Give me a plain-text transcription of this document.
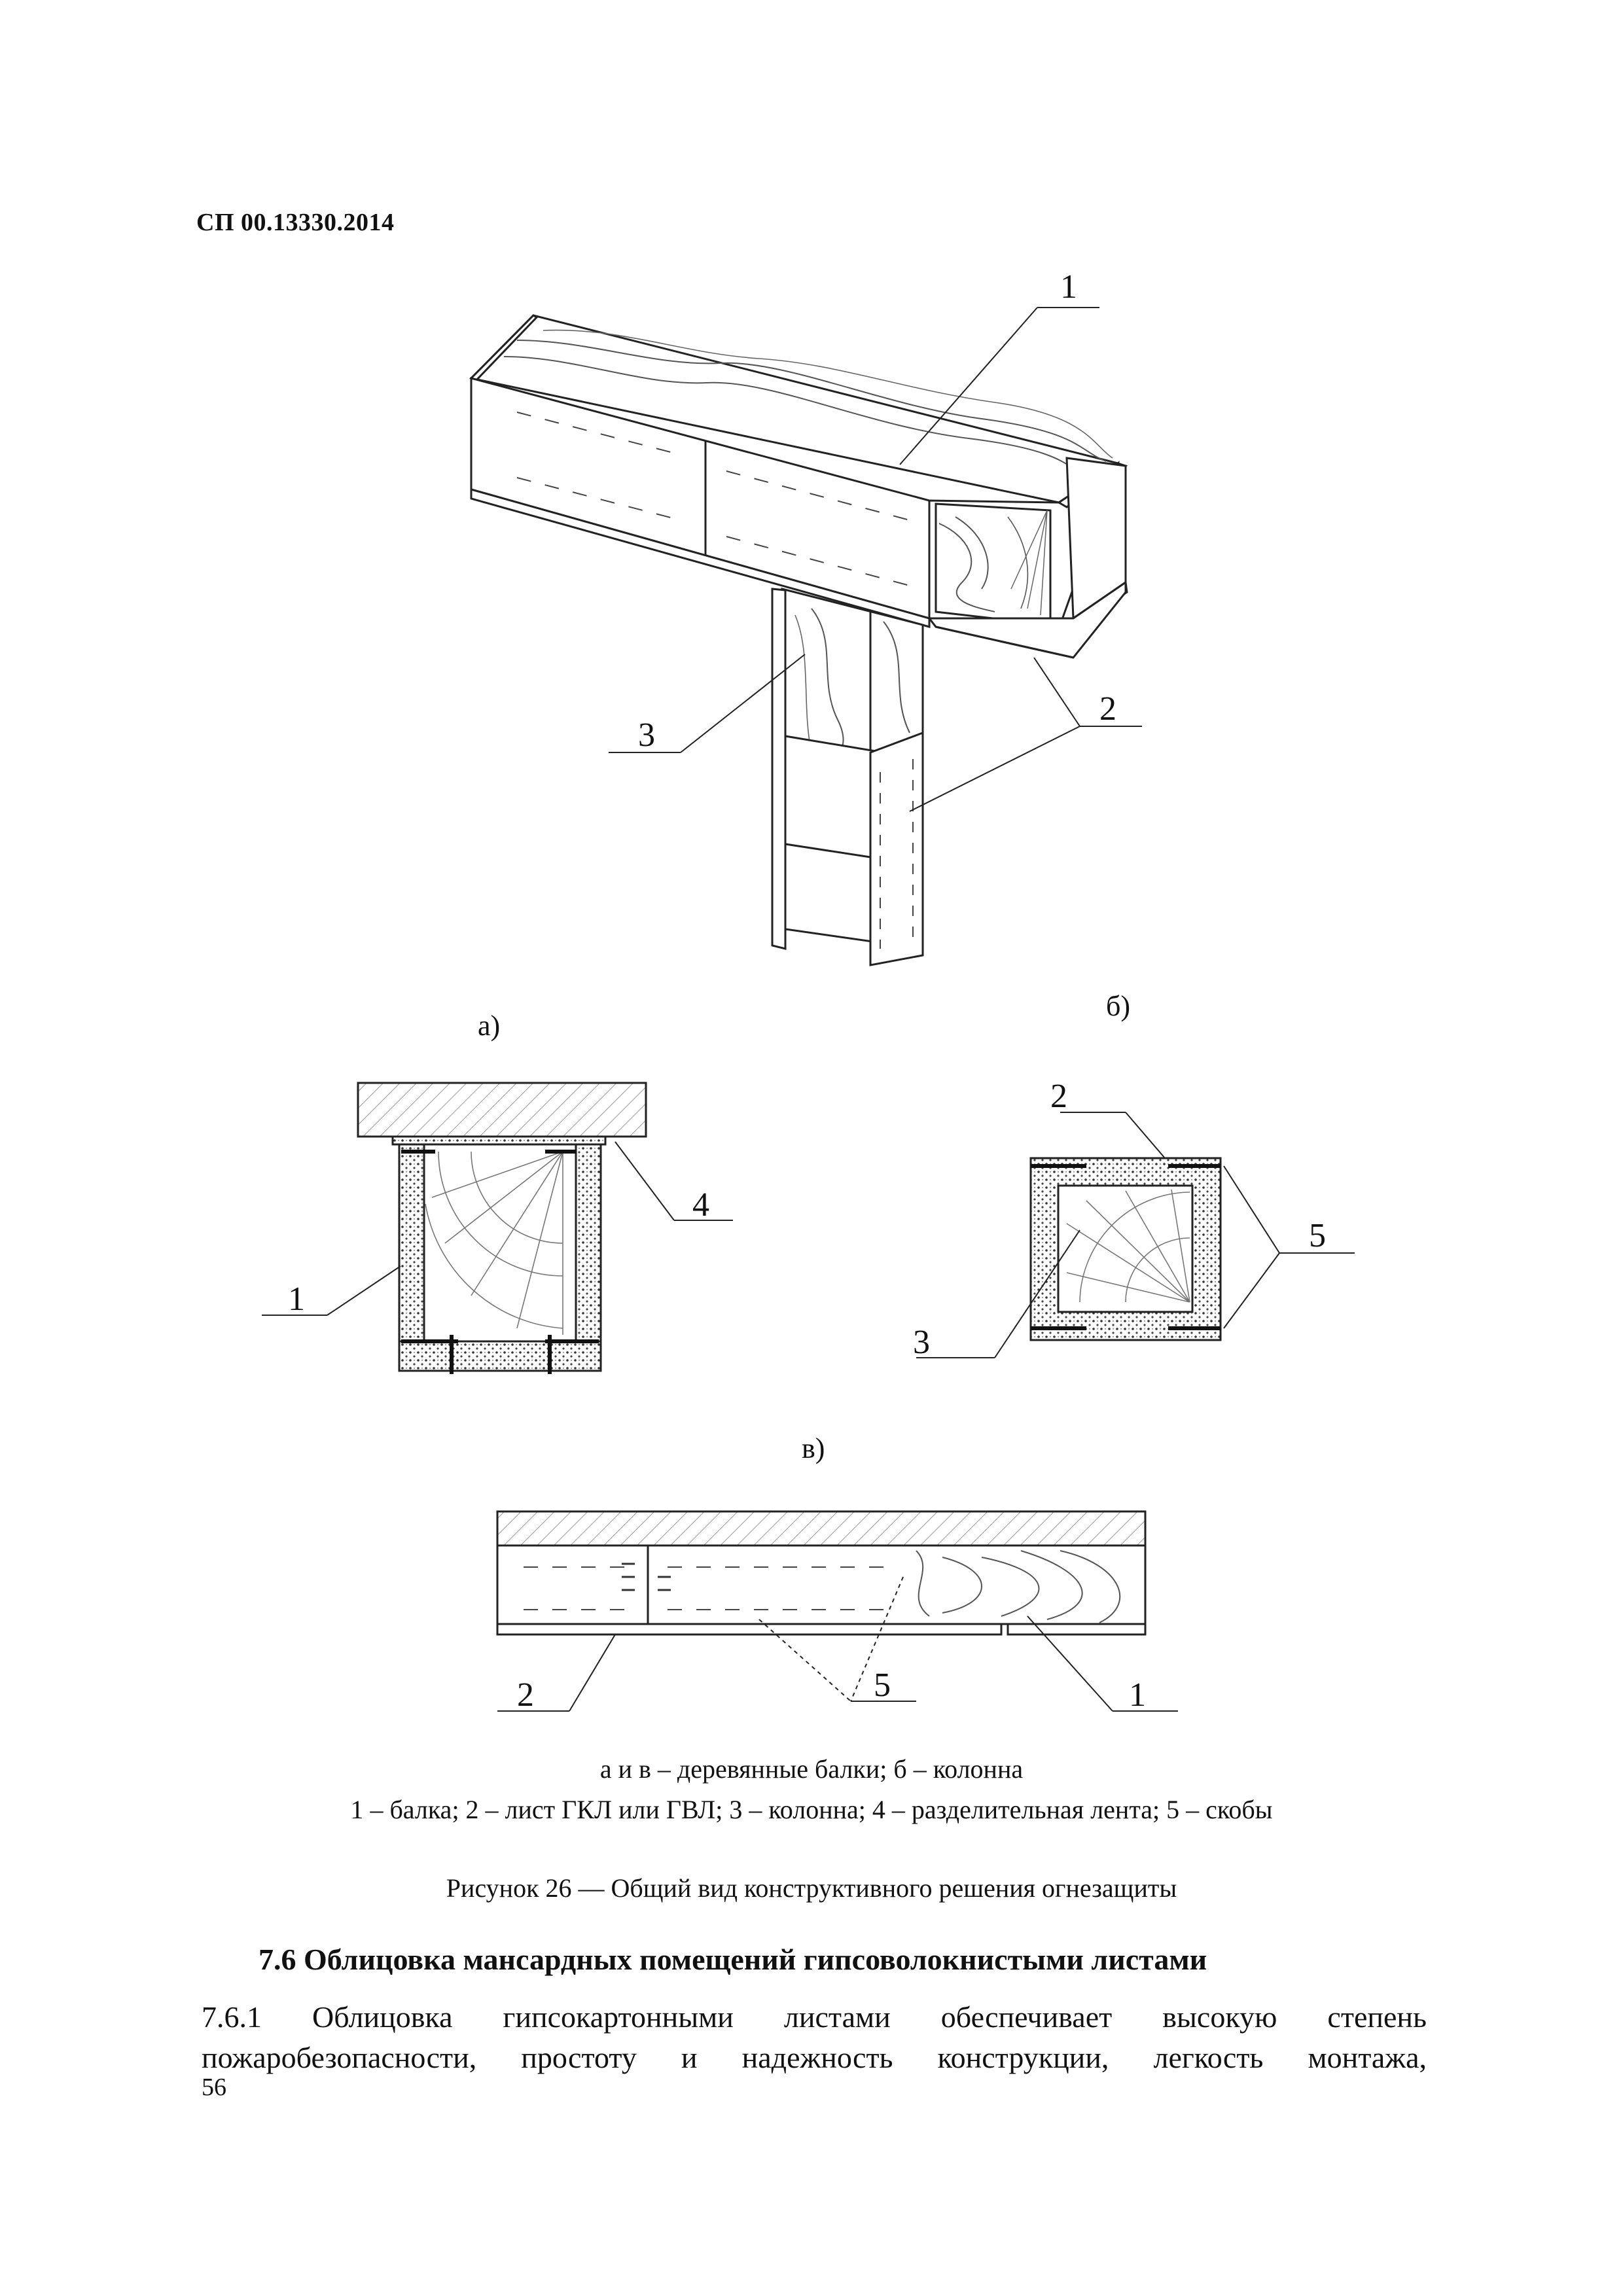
СП 00.13330.2014
1
3
2
а)
б)
в)
4
1
2
5
3
2	5	1
а и в – деревянные балки; б – колонна
1 – балка; 2 – лист ГКЛ или ГВЛ; 3 – колонна; 4 – разделительная лента; 5 – скобы
Рисунок 26 — Общий вид конструктивного решения огнезащиты
7.6 Облицовка мансардных помещений гипсоволокнистыми листами
7.6.1 Облицовка гипсокартонными листами обеспечивает высокую степень пожаробезопасности, простоту и надежность конструкции, легкость монтажа,
56
